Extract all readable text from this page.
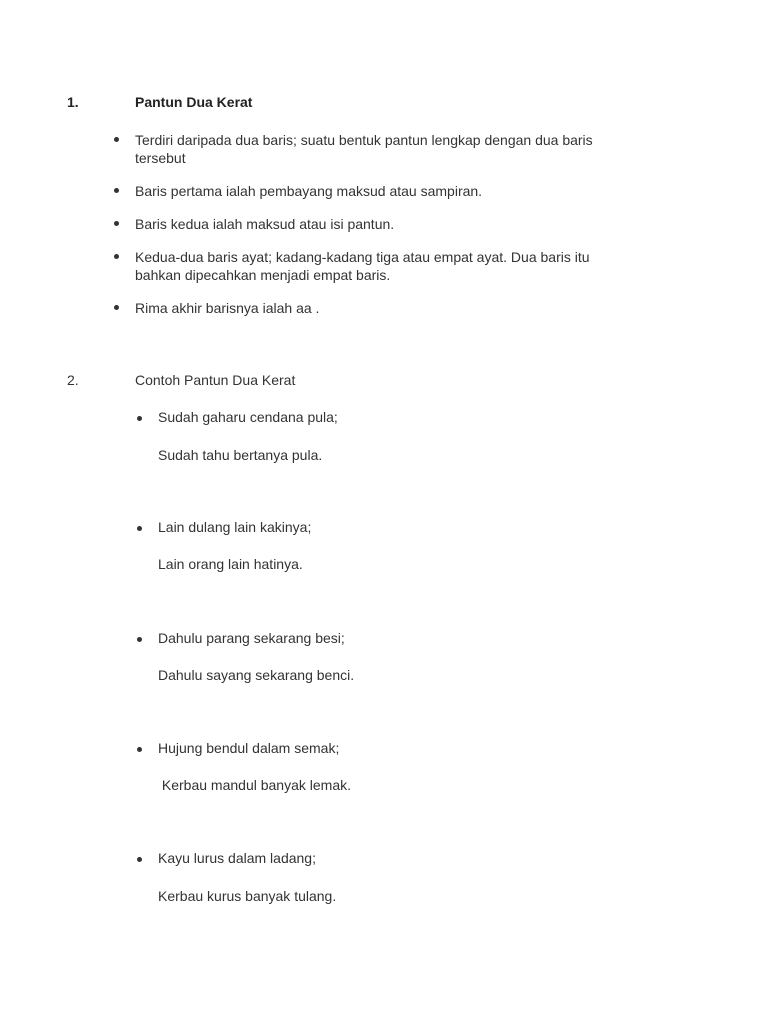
1.	Pantun Dua Kerat
Terdiri daripada dua baris; suatu bentuk pantun lengkap dengan dua baris
tersebut
Baris pertama ialah pembayang maksud atau sampiran.
Baris kedua ialah maksud atau isi pantun.
Kedua-dua baris ayat; kadang-kadang tiga atau empat ayat. Dua baris itu
bahkan dipecahkan menjadi empat baris.
Rima akhir barisnya ialah aa .
2.	Contoh Pantun Dua Kerat
Sudah gaharu cendana pula;
Sudah tahu bertanya pula.
Lain dulang lain kakinya;
Lain orang lain hatinya.
Dahulu parang sekarang besi;
Dahulu sayang sekarang benci.
Hujung bendul dalam semak;
Kerbau mandul banyak lemak.
Kayu lurus dalam ladang;
Kerbau kurus banyak tulang.
